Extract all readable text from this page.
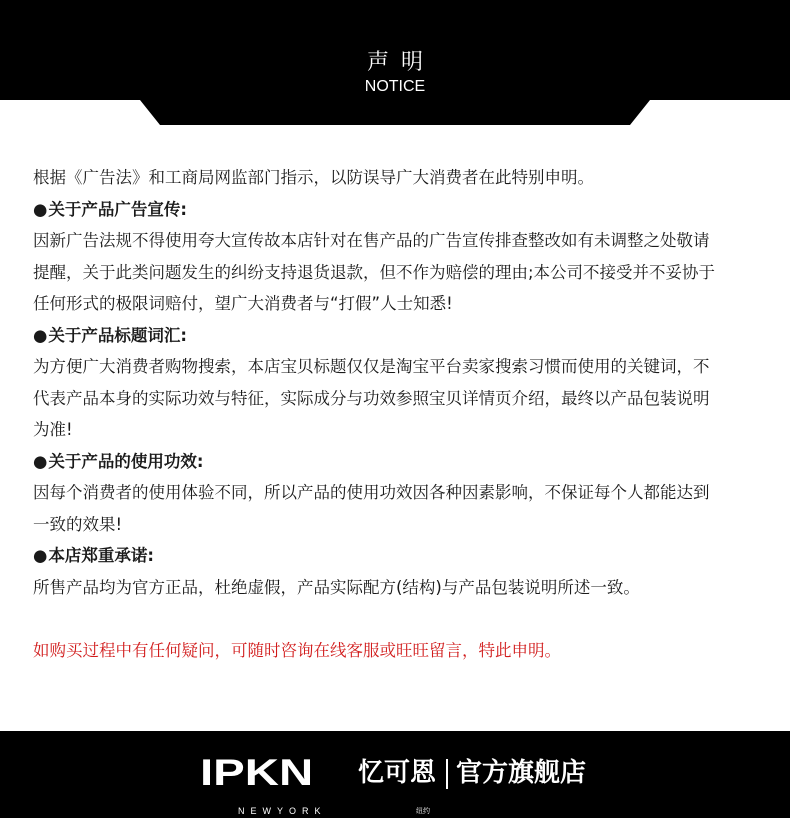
声明
NOTICE

根据《广告法》和工商局网监部门指示，以防误导广大消费者在此特别申明。

●关于产品广告宣传:

因新广告法规不得使用夸大宣传故本店针对在售产品的广告宣传排查整改如有未调整之处敬请

提醒，关于此类问题发生的纠纷支持退货退款，但不作为赔偿的理由;本公司不接受并不妥协于

任何形式的极限词赔付，望广大消费者与“打假”人士知悉!

●关于产品标题词汇:

为方便广大消费者购物搜索，本店宝贝标题仅仅是淘宝平台卖家搜索习惯而使用的关键词，不

代表产品本身的实际功效与特征，实际成分与功效参照宝贝详情页介绍，最终以产品包装说明

为准!

●关于产品的使用功效:

因每个消费者的使用体验不同，所以产品的使用功效因各种因素影响，不保证每个人都能达到

一致的效果!

●本店郑重承诺:

所售产品均为官方正品，杜绝虚假，产品实际配方(结构)与产品包装说明所述一致。

如购买过程中有任何疑问，可随时咨询在线客服或旺旺留言，特此申明。
IPKN
NEWYORK
忆可恩
纽约
官方旗舰店
